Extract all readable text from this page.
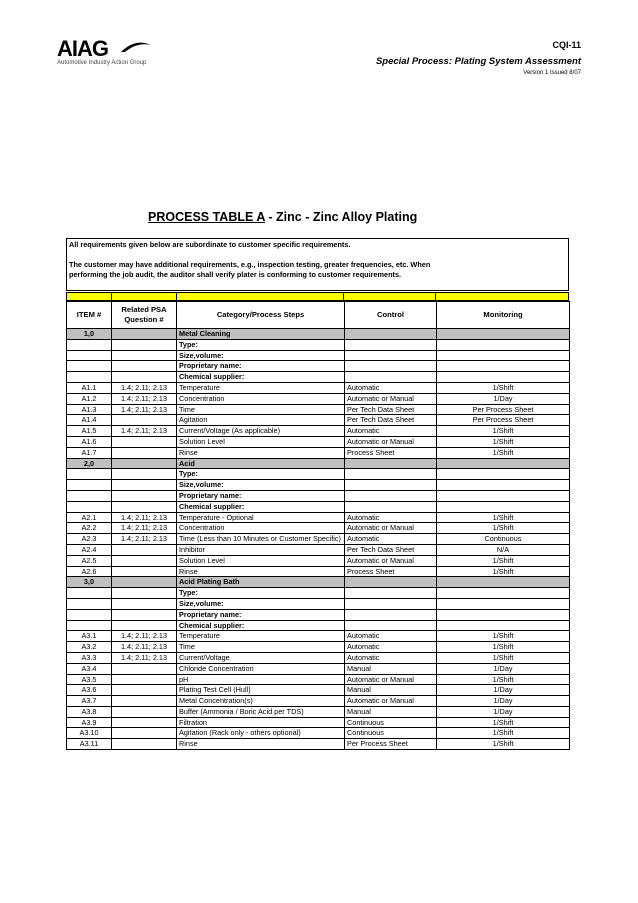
AIAG
Automotive Industry Action Group
CQI-11
Special Process: Plating System Assessment
Version 1 Issued 8/07
PROCESS TABLE A - Zinc - Zinc Alloy Plating

All requirements given below are subordinate to customer specific requirements.

The customer may have additional requirements, e.g., inspection testing, greater frequencies, etc. When

performing the job audit, the auditor shall verify plater is conforming to customer requirements.

ITEM #	Related PSA Question #	Category/Process Steps	Control	Monitoring
1,0		Metal Cleaning		
		Type:		
		Size,volume:		
		Proprietary name:		
		Chemical supplier:		
A1.1	1.4; 2.11; 2.13	Temperature	Automatic	1/Shift
A1.2	1.4; 2.11; 2.13	Concentration	Automatic or Manual	1/Day
A1.3	1.4; 2.11; 2.13	Time	Per Tech Data Sheet	Per Process Sheet
A1.4		Agitation	Per Tech Data Sheet	Per Process Sheet
A1.5	1.4; 2.11; 2.13	Current/Voltage (As applicable)	Automatic	1/Shift
A1.6		Solution Level	Automatic or Manual	1/Shift
A1.7		Rinse	Process Sheet	1/Shift
2,0		Acid		
		Type:		
		Size,volume:		
		Proprietary name:		
		Chemical supplier:		
A2.1	1.4; 2.11; 2.13	Temperature - Optional	Automatic	1/Shift
A2.2	1.4; 2.11; 2.13	Concentration	Automatic or Manual	1/Shift
A2.3	1.4; 2.11; 2.13	Time (Less than 10 Minutes or Customer Specific)	Automatic	Continuous
A2.4		Inhibitor	Per Tech Data Sheet	N/A
A2.5		Solution Level	Automatic or Manual	1/Shift
A2.6		Rinse	Process Sheet	1/Shift
3,0		Acid Plating Bath		
		Type:		
		Size,volume:		
		Proprietary name:		
		Chemical supplier:		
A3.1	1.4; 2.11; 2.13	Temperature	Automatic	1/Shift
A3.2	1.4; 2.11; 2.13	Time	Automatic	1/Shift
A3.3	1.4; 2.11; 2.13	Current/Voltage	Automatic	1/Shift
A3.4		Chloride Concentration	Manual	1/Day
A3.5		pH	Automatic or Manual	1/Shift
A3.6		Plating Test Cell (Hull)	Manual	1/Day
A3.7		Metal Concentration(s)	Automatic or Manual	1/Day
A3.8		Buffer (Ammonia / Boric Acid per TDS)	Manual	1/Day
A3.9		Filtration	Continuous	1/Shift
A3.10		Agitation (Rack only - others optional)	Continuous	1/Shift
A3.11		Rinse	Per Process Sheet	1/Shift
